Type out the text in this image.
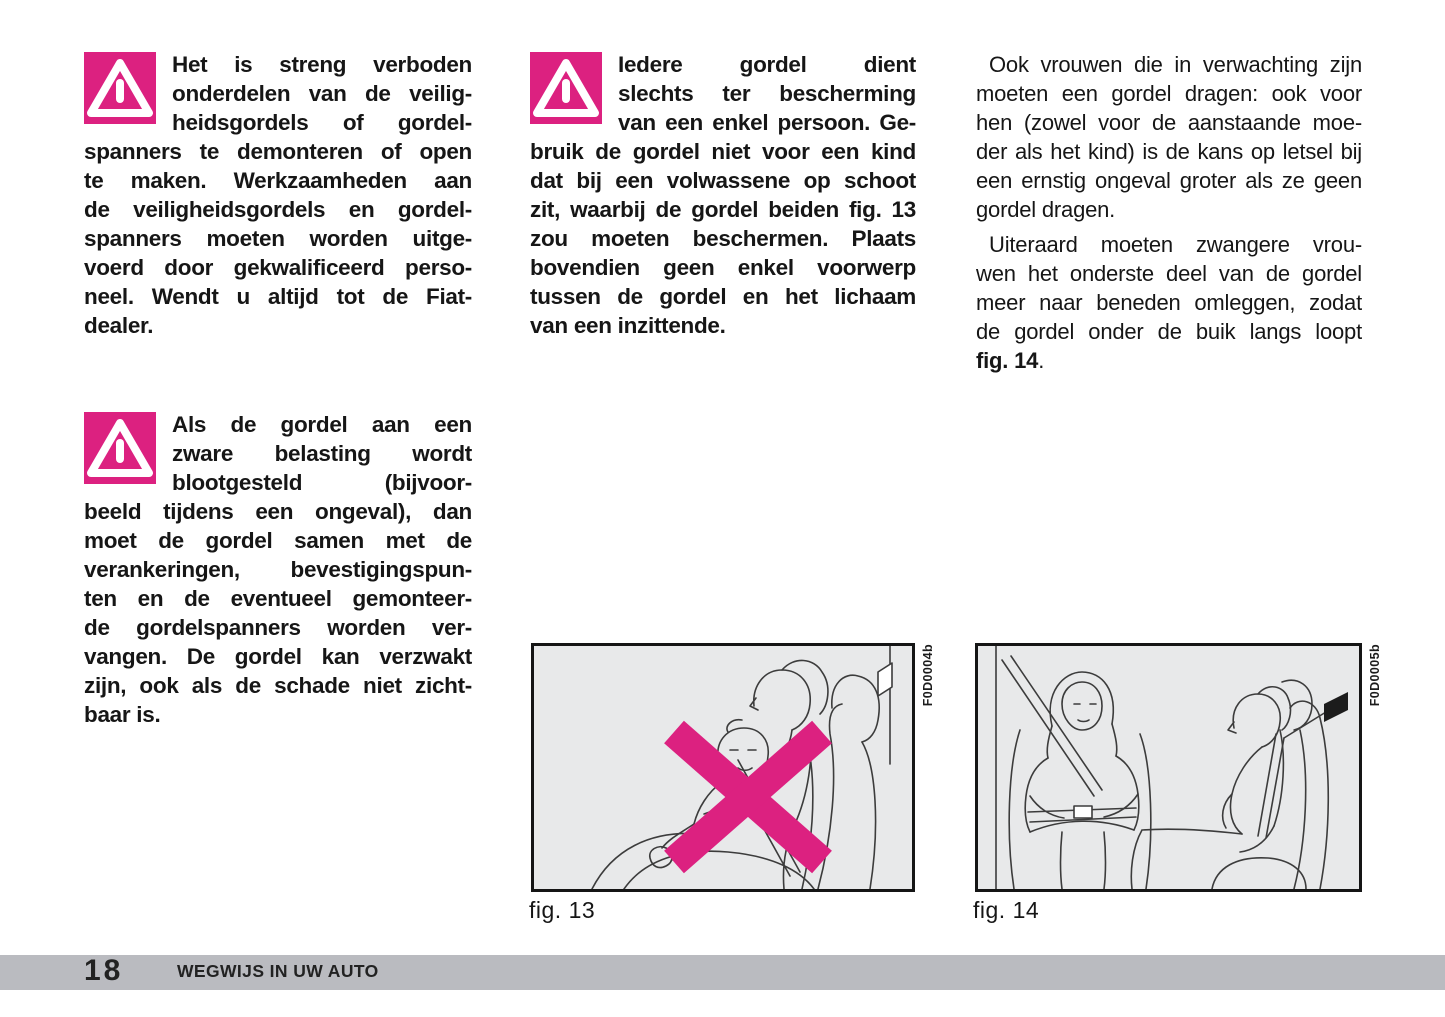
Het is streng verboden
onderdelen van de veilig-
heidsgordels of gordel-
spanners te demonteren of open
te maken. Werkzaamheden aan
de veiligheidsgordels en gordel-
spanners moeten worden uitge-
voerd door gekwalificeerd perso-
neel. Wendt u altijd tot de Fiat-
dealer.
Als de gordel aan een
zware belasting wordt
blootgesteld (bijvoor-
beeld tijdens een ongeval), dan
moet de gordel samen met de
verankeringen, bevestigingspun-
ten en de eventueel gemonteer-
de gordelspanners worden ver-
vangen. De gordel kan verzwakt
zijn, ook als de schade niet zicht-
baar is.
Iedere gordel dient
slechts ter bescherming
van een enkel persoon. Ge-
bruik de gordel niet voor een kind
dat bij een volwassene op schoot
zit, waarbij de gordel beiden fig. 13
zou moeten beschermen. Plaats
bovendien geen enkel voorwerp
tussen de gordel en het lichaam
van een inzittende.
Ook vrouwen die in verwachting zijn
moeten een gordel dragen: ook voor
hen (zowel voor de aanstaande moe-
der als het kind) is de kans op letsel bij
een ernstig ongeval groter als ze geen
gordel dragen.
Uiteraard moeten zwangere vrou-
wen het onderste deel van de gordel
meer naar beneden omleggen, zodat
de gordel onder de buik langs loopt
fig. 14.
F0D0004b
fig. 13
F0D0005b
fig. 14
18	WEGWIJS IN UW AUTO
